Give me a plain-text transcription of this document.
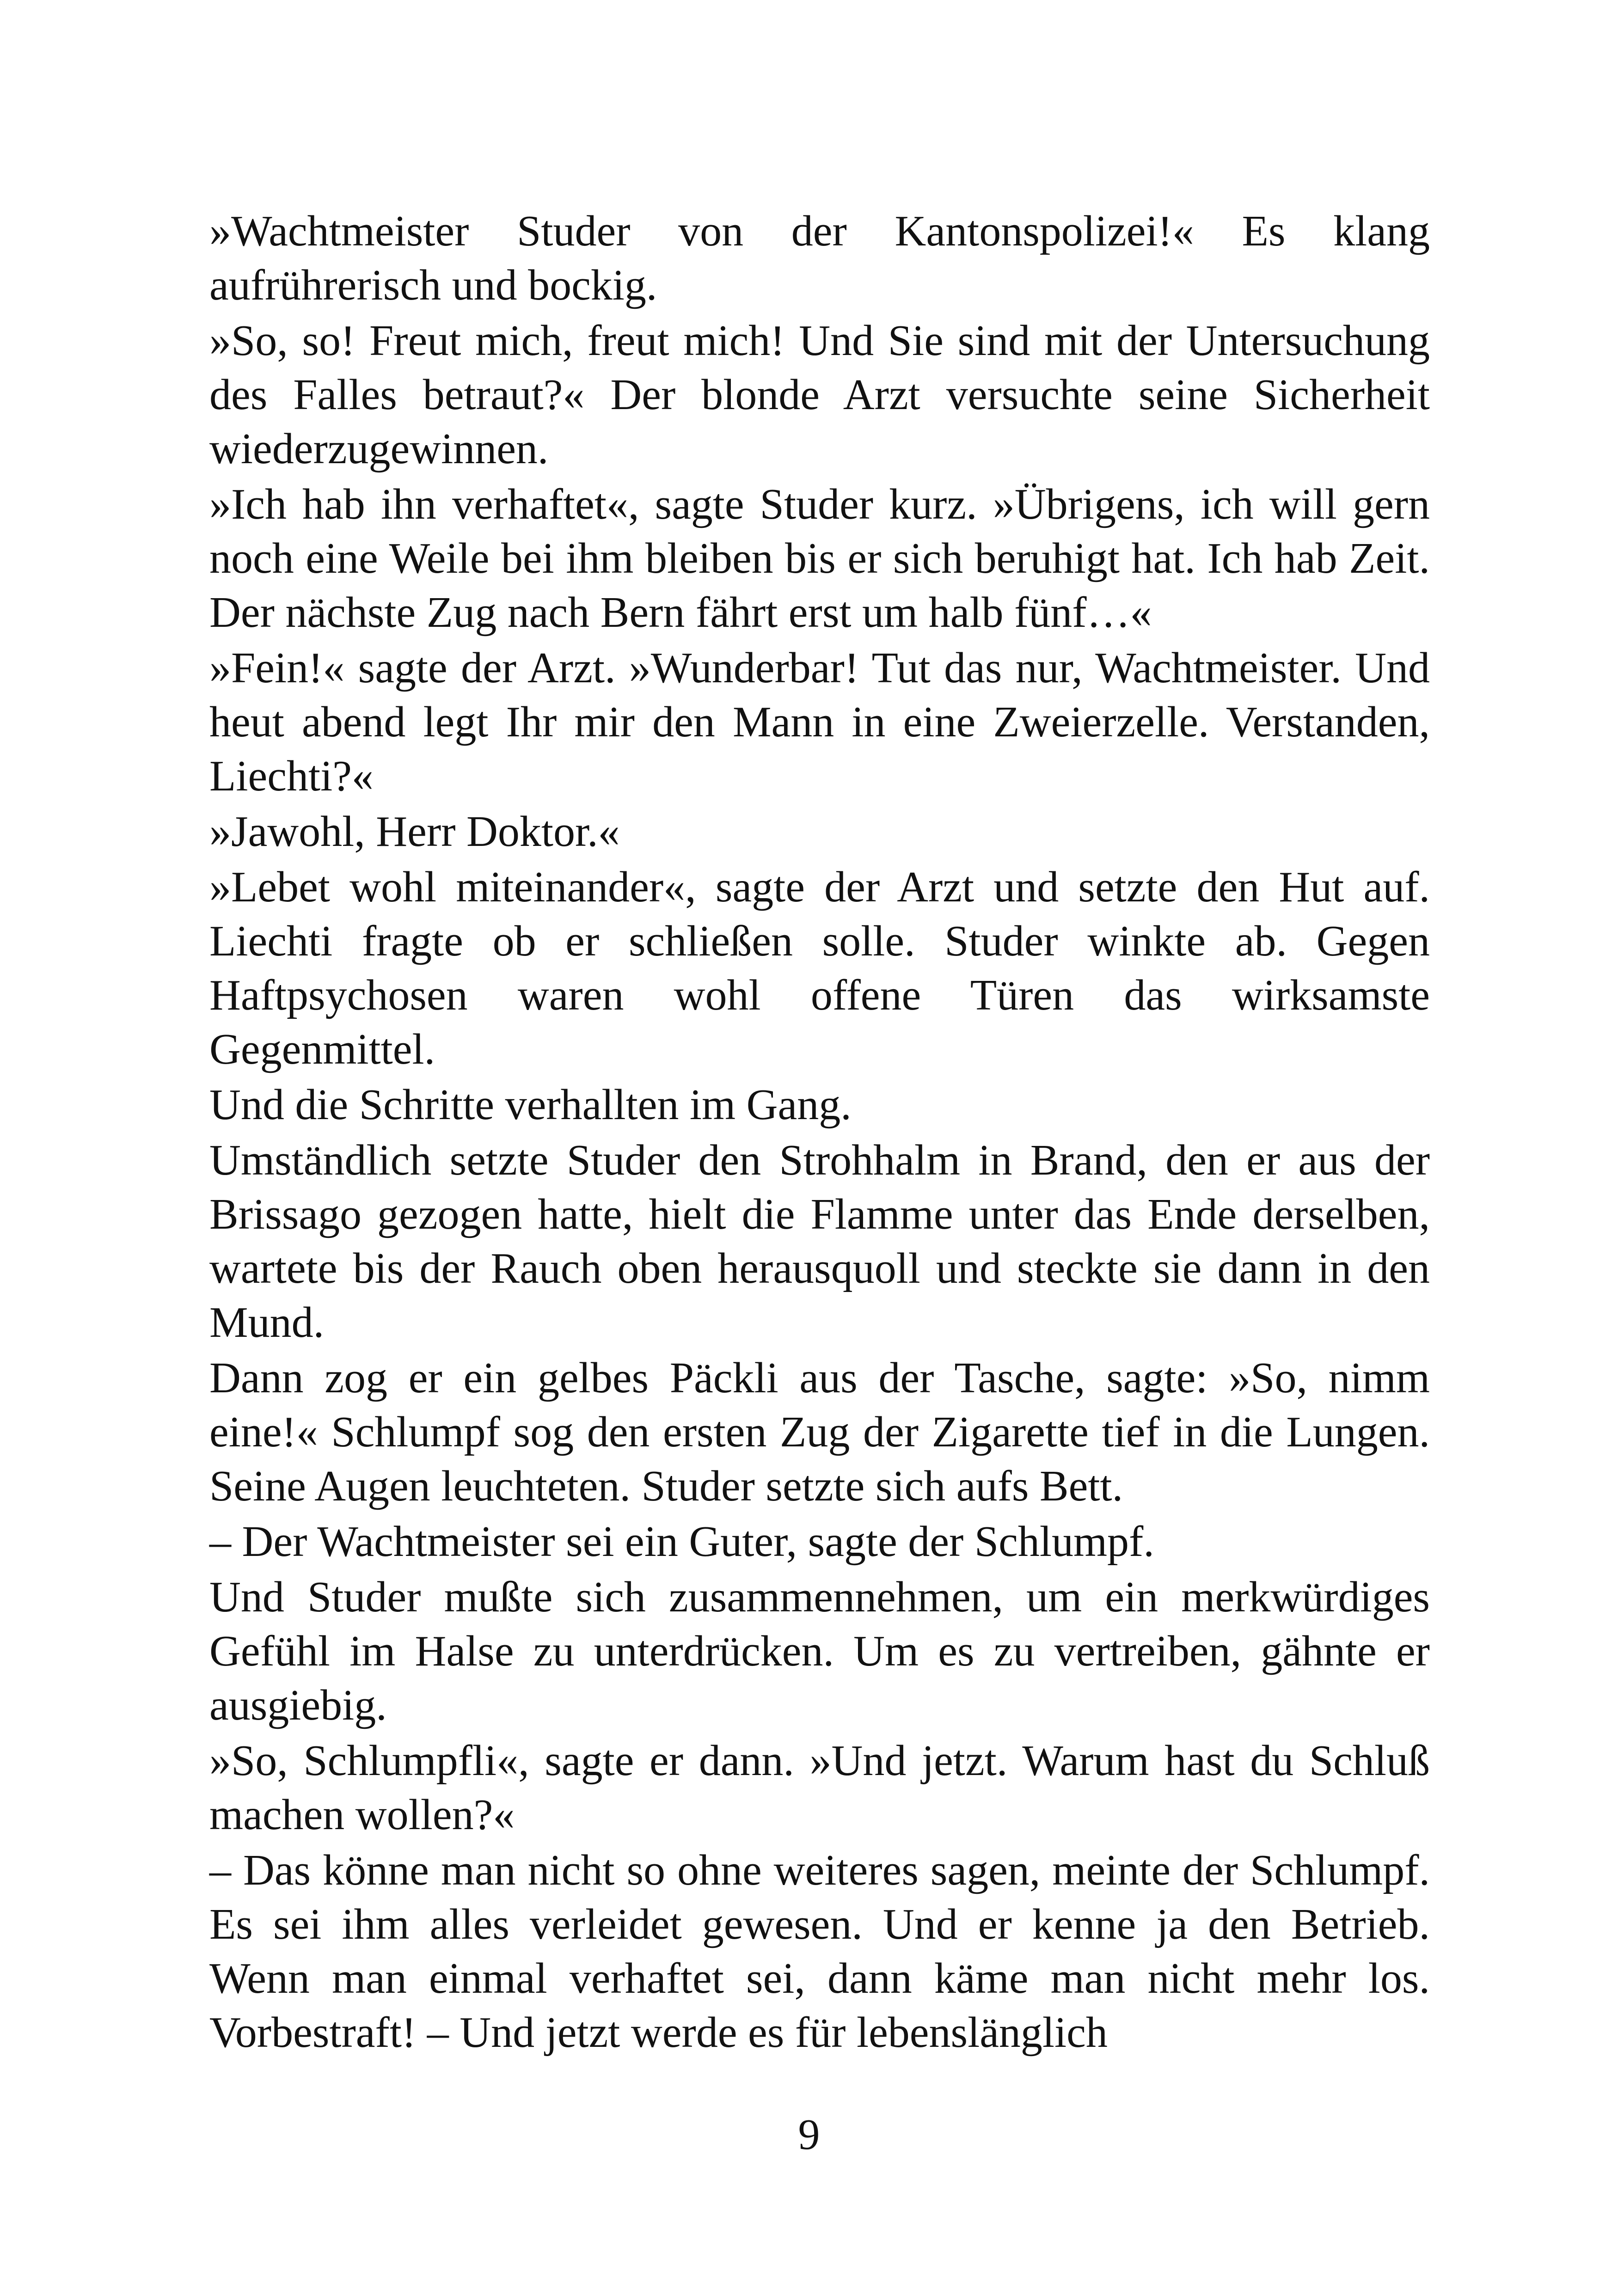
»Wachtmeister Studer von der Kantonspolizei!« Es klang aufrührerisch und bockig.

»So, so! Freut mich, freut mich! Und Sie sind mit der Untersuchung des Falles betraut?« Der blonde Arzt versuchte seine Sicherheit wiederzugewinnen.

»Ich hab ihn verhaftet«, sagte Studer kurz. »Übrigens, ich will gern noch eine Weile bei ihm bleiben bis er sich beruhigt hat. Ich hab Zeit. Der nächste Zug nach Bern fährt erst um halb fünf…«

»Fein!« sagte der Arzt. »Wunderbar! Tut das nur, Wachtmeister. Und heut abend legt Ihr mir den Mann in eine Zweierzelle. Verstanden, Liechti?«

»Jawohl, Herr Doktor.«

»Lebet wohl miteinander«, sagte der Arzt und setzte den Hut auf. Liechti fragte ob er schließen solle. Studer winkte ab. Gegen Haftpsychosen waren wohl offene Türen das wirksamste Gegenmittel.

Und die Schritte verhallten im Gang.

Umständlich setzte Studer den Strohhalm in Brand, den er aus der Brissago gezogen hatte, hielt die Flamme unter das Ende derselben, wartete bis der Rauch oben herausquoll und steckte sie dann in den Mund.

Dann zog er ein gelbes Päckli aus der Tasche, sagte: »So, nimm eine!« Schlumpf sog den ersten Zug der Zigarette tief in die Lungen. Seine Augen leuchteten. Studer setzte sich aufs Bett.

– Der Wachtmeister sei ein Guter, sagte der Schlumpf.

Und Studer mußte sich zusammennehmen, um ein merkwürdiges Gefühl im Halse zu unterdrücken. Um es zu vertreiben, gähnte er ausgiebig.

»So, Schlumpfli«, sagte er dann. »Und jetzt. Warum hast du Schluß machen wollen?«

– Das könne man nicht so ohne weiteres sagen, meinte der Schlumpf. Es sei ihm alles verleidet gewesen. Und er kenne ja den Betrieb. Wenn man einmal verhaftet sei, dann käme man nicht mehr los. Vorbestraft! – Und jetzt werde es für lebenslänglich

9
